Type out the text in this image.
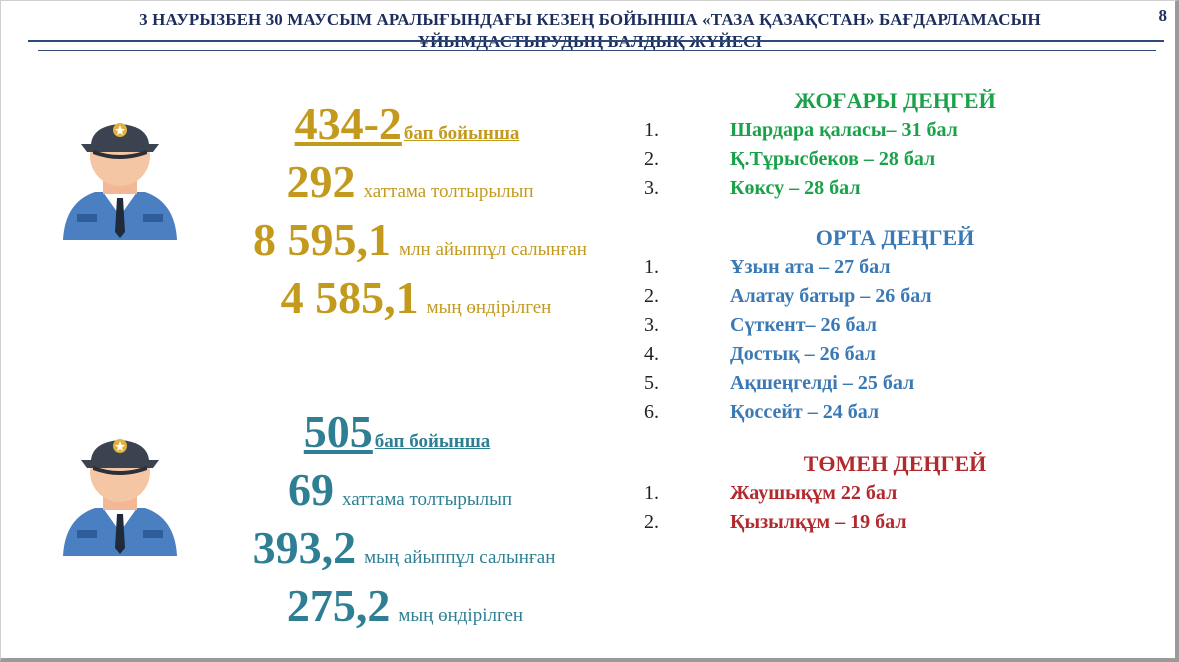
3 НАУРЫЗБЕН 30 МАУСЫМ АРАЛЫҒЫНДАҒЫ КЕЗЕҢ БОЙЫНША «ТАЗА ҚАЗАҚСТАН» БАҒДАРЛАМАСЫН	8
434-2 бап бойынша
292 хаттама толтырылып
8 595,1 млн айыппұл салынған
4 585,1 мың өндірілген
505 бап бойынша
69 хаттама толтырылып
393,2 мың айыппұл салынған
275,2 мың өндірілген
ЖОҒАРЫ ДЕҢГЕЙ
1.	Шардара қаласы– 31 бал
2.	Қ.Тұрысбеков – 28 бал
3.	Көксу – 28 бал
ОРТА ДЕҢГЕЙ
1.	Ұзын ата – 27 бал
2.	Алатау батыр – 26 бал
3.	Сүткент– 26 бал
4.	Достық – 26 бал
5.	Ақшеңгелді – 25 бал
6.	Қоссейт – 24 бал
ТӨМЕН ДЕҢГЕЙ
1.	Жаушықұм 22 бал
2.	Қызылқұм – 19 бал
